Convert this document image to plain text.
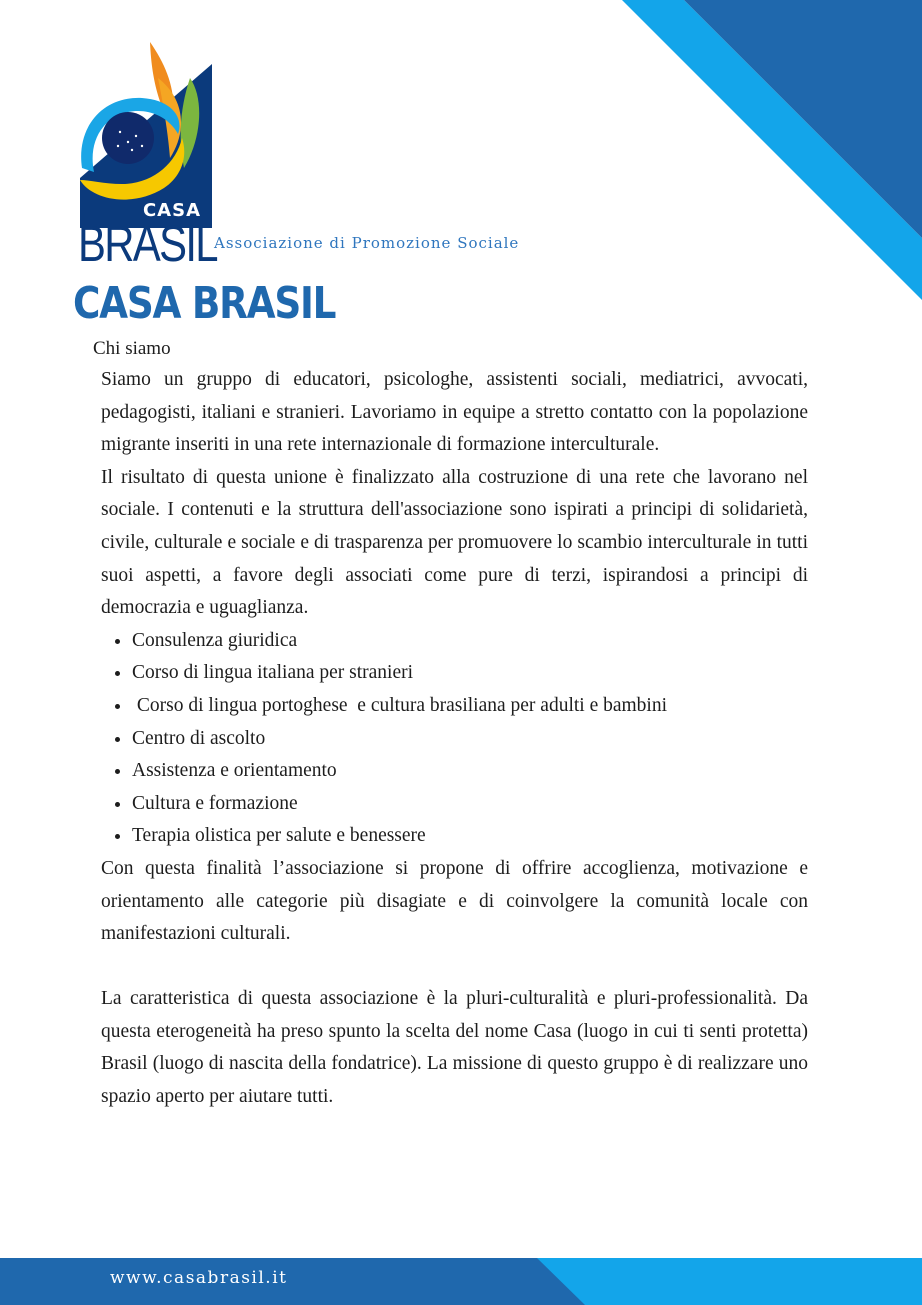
CASA
BRASIL
Associazione di Promozione Sociale
CASA BRASIL
Chi siamo

Siamo un gruppo di educatori, psicologhe, assistenti sociali, mediatrici, avvocati, pedagogisti, italiani e stranieri. Lavoriamo in equipe a stretto contatto con la popolazione migrante inseriti in una rete internazionale di formazione interculturale.

Il risultato di questa unione è finalizzato alla costruzione di una rete che lavorano nel sociale. I contenuti e la struttura dell'associazione sono ispirati a principi di solidarietà, civile, culturale e sociale e di trasparenza per promuovere lo scambio interculturale in tutti suoi aspetti, a favore degli associati come pure di terzi, ispirandosi a principi di democrazia e uguaglianza.

• Consulenza giuridica
• Corso di lingua italiana per stranieri
•  Corso di lingua portoghese  e cultura brasiliana per adulti e bambini
• Centro di ascolto
• Assistenza e orientamento
• Cultura e formazione
• Terapia olistica per salute e benessere

Con questa finalità l’associazione si propone di offrire accoglienza, motivazione e orientamento alle categorie più disagiate e di coinvolgere la comunità locale con manifestazioni culturali.

La caratteristica di questa associazione è la pluri-culturalità e pluri-professionalità. Da questa eterogeneità ha preso spunto la scelta del nome Casa (luogo in cui ti senti protetta) Brasil (luogo di nascita della fondatrice). La missione di questo gruppo è di realizzare uno spazio aperto per aiutare tutti.

www.casabrasil.it
